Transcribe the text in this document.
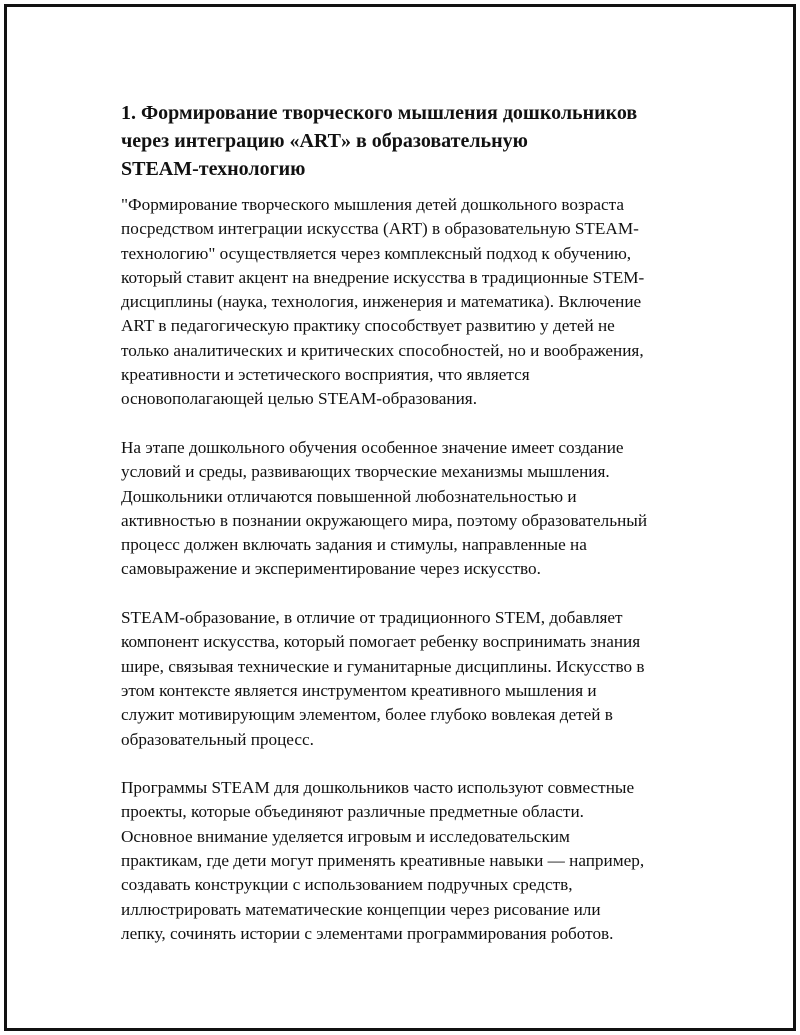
1. Формирование творческого мышления дошкольников
через интеграцию «ART» в образовательную
STEAM-технологию

"Формирование творческого мышления детей дошкольного возраста
посредством интеграции искусства (ART) в образовательную STEAM-
технологию" осуществляется через комплексный подход к обучению,
который ставит акцент на внедрение искусства в традиционные STEM-
дисциплины (наука, технология, инженерия и математика). Включение
ART в педагогическую практику способствует развитию у детей не
только аналитических и критических способностей, но и воображения,
креативности и эстетического восприятия, что является
основополагающей целью STEAM-образования.

На этапе дошкольного обучения особенное значение имеет создание
условий и среды, развивающих творческие механизмы мышления.
Дошкольники отличаются повышенной любознательностью и
активностью в познании окружающего мира, поэтому образовательный
процесс должен включать задания и стимулы, направленные на
самовыражение и экспериментирование через искусство.

STEAM-образование, в отличие от традиционного STEM, добавляет
компонент искусства, который помогает ребенку воспринимать знания
шире, связывая технические и гуманитарные дисциплины. Искусство в
этом контексте является инструментом креативного мышления и
служит мотивирующим элементом, более глубоко вовлекая детей в
образовательный процесс.

Программы STEAM для дошкольников часто используют совместные
проекты, которые объединяют различные предметные области.
Основное внимание уделяется игровым и исследовательским
практикам, где дети могут применять креативные навыки — например,
создавать конструкции с использованием подручных средств,
иллюстрировать математические концепции через рисование или
лепку, сочинять истории с элементами программирования роботов.
